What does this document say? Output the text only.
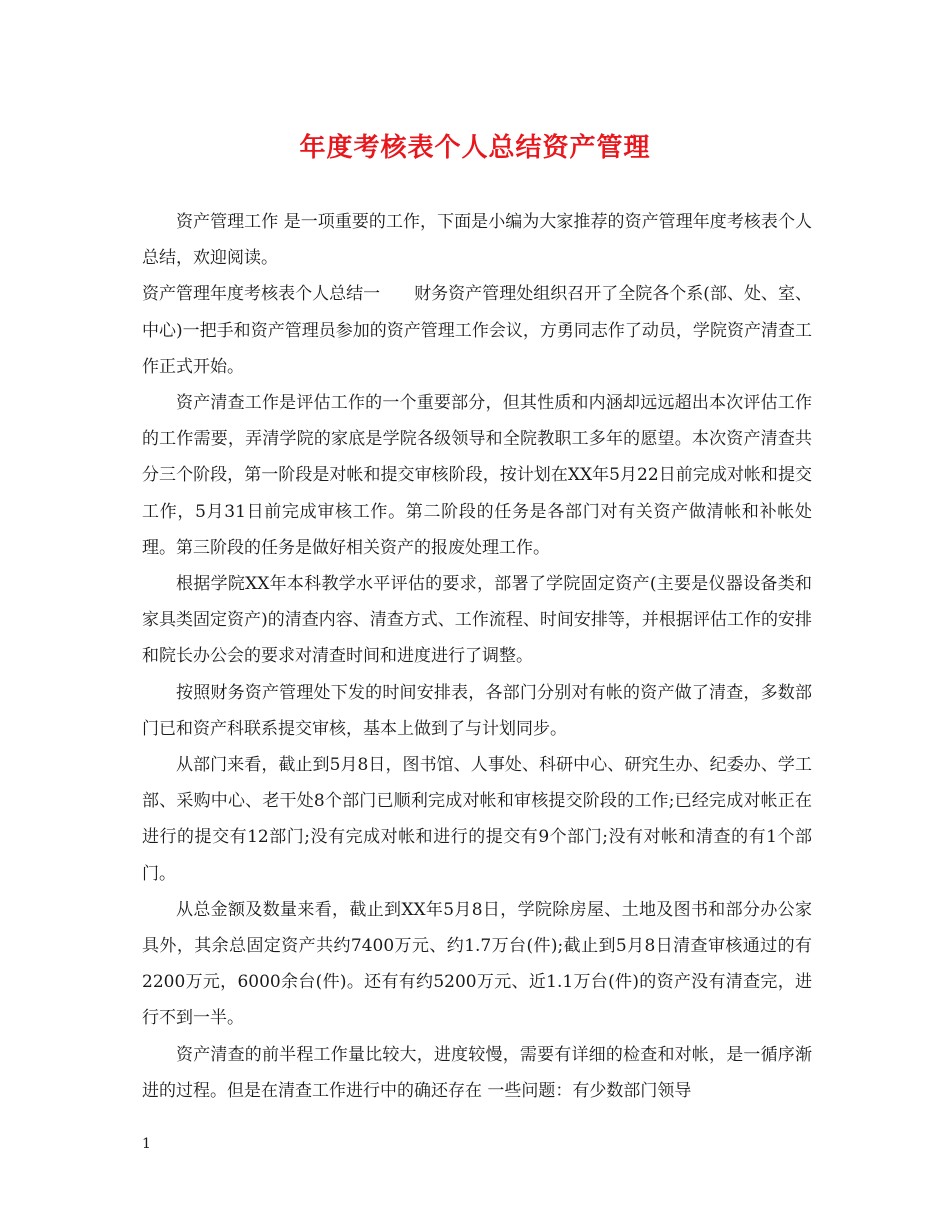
年度考核表个人总结资产管理

资产管理工作 是一项重要的工作，下面是小编为大家推荐的资产管理年度考核表个人总结，欢迎阅读。

资产管理年度考核表个人总结一　　财务资产管理处组织召开了全院各个系(部、处、室、中心)一把手和资产管理员参加的资产管理工作会议，方勇同志作了动员，学院资产清查工作正式开始。

资产清查工作是评估工作的一个重要部分，但其性质和内涵却远远超出本次评估工作的工作需要，弄清学院的家底是学院各级领导和全院教职工多年的愿望。本次资产清查共分三个阶段，第一阶段是对帐和提交审核阶段，按计划在XX年5月22日前完成对帐和提交工作，5月31日前完成审核工作。第二阶段的任务是各部门对有关资产做清帐和补帐处理。第三阶段的任务是做好相关资产的报废处理工作。

根据学院XX年本科教学水平评估的要求，部署了学院固定资产(主要是仪器设备类和家具类固定资产)的清查内容、清查方式、工作流程、时间安排等，并根据评估工作的安排和院长办公会的要求对清查时间和进度进行了调整。

按照财务资产管理处下发的时间安排表，各部门分别对有帐的资产做了清查，多数部门已和资产科联系提交审核，基本上做到了与计划同步。

从部门来看，截止到5月8日，图书馆、人事处、科研中心、研究生办、纪委办、学工部、采购中心、老干处8个部门已顺利完成对帐和审核提交阶段的工作;已经完成对帐正在进行的提交有12部门;没有完成对帐和进行的提交有9个部门;没有对帐和清查的有1个部门。

从总金额及数量来看，截止到XX年5月8日，学院除房屋、土地及图书和部分办公家具外，其余总固定资产共约7400万元、约1.7万台(件);截止到5月8日清查审核通过的有2200万元，6000余台(件)。还有有约5200万元、近1.1万台(件)的资产没有清查完，进行不到一半。

资产清查的前半程工作量比较大，进度较慢，需要有详细的检查和对帐，是一循序渐进的过程。但是在清查工作进行中的确还存在 一些问题：有少数部门领导

1
